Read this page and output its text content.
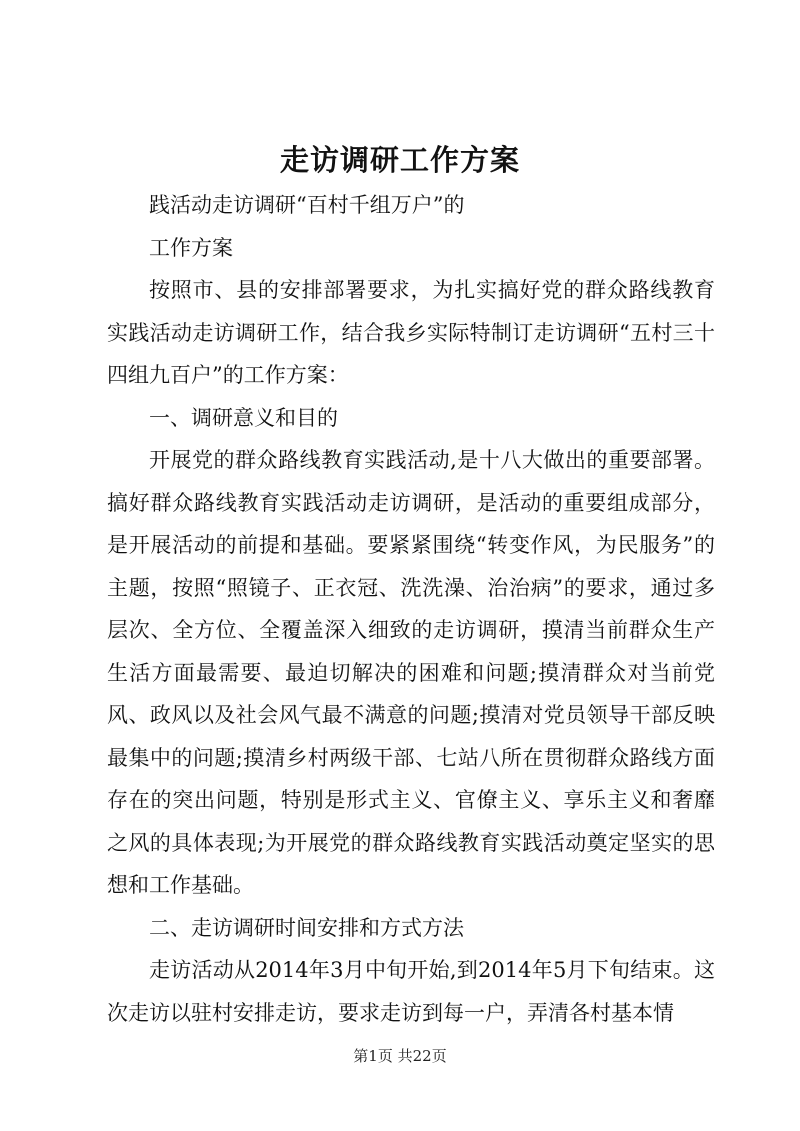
走访调研工作方案

践活动走访调研“百村千组万户”的

工作方案

按照市、县的安排部署要求，为扎实搞好党的群众路线教育实践活动走访调研工作，结合我乡实际特制订走访调研“五村三十四组九百户”的工作方案：

一、调研意义和目的

开展党的群众路线教育实践活动,是十八大做出的重要部署。搞好群众路线教育实践活动走访调研，是活动的重要组成部分，是开展活动的前提和基础。要紧紧围绕“转变作风，为民服务”的主题，按照“照镜子、正衣冠、洗洗澡、治治病”的要求，通过多层次、全方位、全覆盖深入细致的走访调研，摸清当前群众生产生活方面最需要、最迫切解决的困难和问题;摸清群众对当前党风、政风以及社会风气最不满意的问题;摸清对党员领导干部反映最集中的问题;摸清乡村两级干部、七站八所在贯彻群众路线方面存在的突出问题，特别是形式主义、官僚主义、享乐主义和奢靡之风的具体表现;为开展党的群众路线教育实践活动奠定坚实的思想和工作基础。

二、走访调研时间安排和方式方法

走访活动从2014年3月中旬开始,到2014年5月下旬结束。这次走访以驻村安排走访，要求走访到每一户，弄清各村基本情

第1页 共22页
